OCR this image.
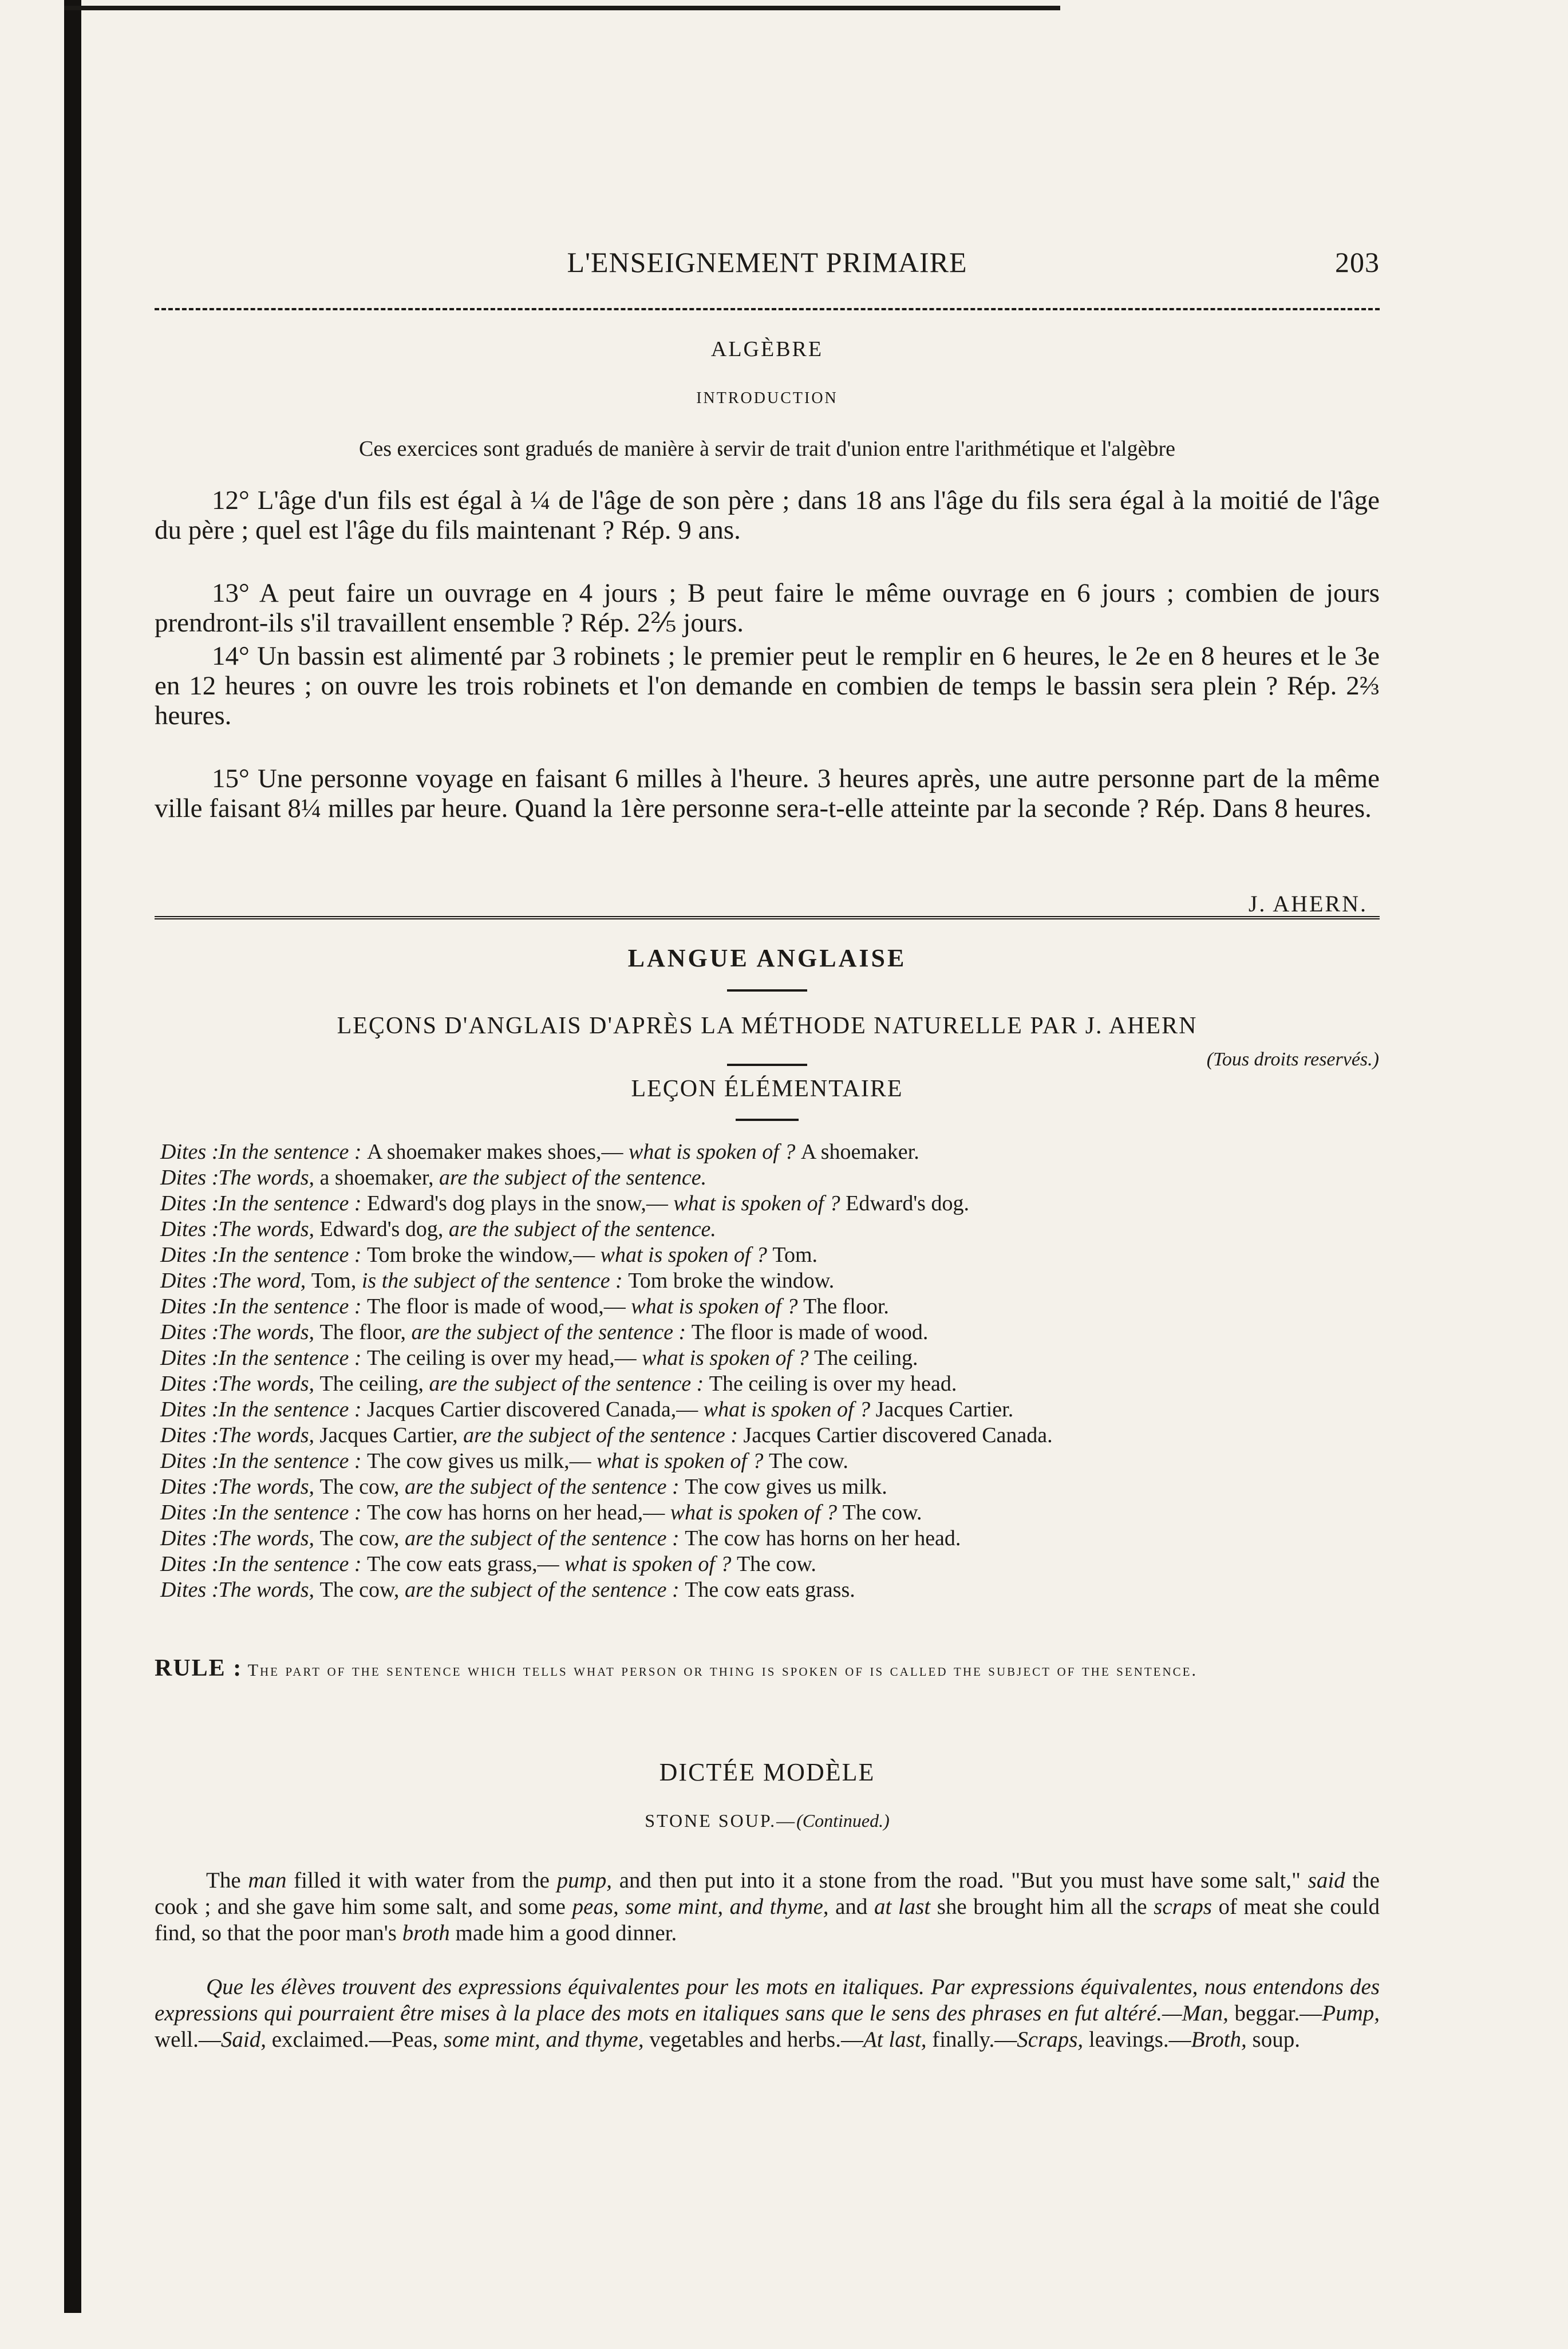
L'ENSEIGNEMENT PRIMAIRE	203
ALGÈBRE
INTRODUCTION
Ces exercices sont gradués de manière à servir de trait d'union entre l'arithmétique et l'algèbre
12° L'âge d'un fils est égal à ¼ de l'âge de son père ; dans 18 ans l'âge du fils sera égal à la moitié de l'âge du père ; quel est l'âge du fils maintenant ? Rép. 9 ans.
13° A peut faire un ouvrage en 4 jours ; B peut faire le même ouvrage en 6 jours ; combien de jours prendront-ils s'il travaillent ensemble ? Rép. 2⅖ jours.
14° Un bassin est alimenté par 3 robinets ; le premier peut le remplir en 6 heures, le 2e en 8 heures et le 3e en 12 heures ; on ouvre les trois robinets et l'on demande en combien de temps le bassin sera plein ? Rép. 2⅔ heures.
15° Une personne voyage en faisant 6 milles à l'heure. 3 heures après, une autre personne part de la même ville faisant 8¼ milles par heure. Quand la 1ère personne sera-t-elle atteinte par la seconde ? Rép. Dans 8 heures.
J. AHERN.
LANGUE ANGLAISE
LEÇONS D'ANGLAIS D'APRÈS LA MÉTHODE NATURELLE PAR J. AHERN
(Tous droits reservés.)
LEÇON ÉLÉMENTAIRE
Dites : In the sentence : A shoemaker makes shoes,— what is spoken of ? A shoemaker.
Dites : The words, a shoemaker, are the subject of the sentence.
Dites : In the sentence : Edward's dog plays in the snow,— what is spoken of ? Edward's dog.
Dites : The words, Edward's dog, are the subject of the sentence.
Dites : In the sentence : Tom broke the window,— what is spoken of ? Tom.
Dites : The word, Tom, is the subject of the sentence : Tom broke the window.
Dites : In the sentence : The floor is made of wood,— what is spoken of ? The floor.
Dites : The words, The floor, are the subject of the sentence : The floor is made of wood.
Dites : In the sentence : The ceiling is over my head,— what is spoken of ? The ceiling.
Dites : The words, The ceiling, are the subject of the sentence : The ceiling is over my head.
Dites : In the sentence : Jacques Cartier discovered Canada,— what is spoken of ? Jacques Cartier.
Dites : The words, Jacques Cartier, are the subject of the sentence : Jacques Cartier discovered Canada.
Dites : In the sentence : The cow gives us milk,— what is spoken of ? The cow.
Dites : The words, The cow, are the subject of the sentence : The cow gives us milk.
Dites : In the sentence : The cow has horns on her head,— what is spoken of ? The cow.
Dites : The words, The cow, are the subject of the sentence : The cow has horns on her head.
Dites : In the sentence : The cow eats grass,— what is spoken of ? The cow.
Dites : The words, The cow, are the subject of the sentence : The cow eats grass.
RULE : The part of the sentence which tells what person or thing is spoken of is called the subject of the sentence.
DICTÉE MODÈLE
STONE SOUP.—(Continued.)
The man filled it with water from the pump, and then put into it a stone from the road. "But you must have some salt," said the cook ; and she gave him some salt, and some peas, some mint, and thyme, and at last she brought him all the scraps of meat she could find, so that the poor man's broth made him a good dinner.
Que les élèves trouvent des expressions équivalentes pour les mots en italiques. Par expressions équivalentes, nous entendons des expressions qui pourraient être mises à la place des mots en italiques sans que le sens des phrases en fut altéré.—Man, beggar.—Pump, well.—Said, exclaimed.—Peas, some mint, and thyme, vegetables and herbs.—At last, finally.—Scraps, leavings.—Broth, soup.
